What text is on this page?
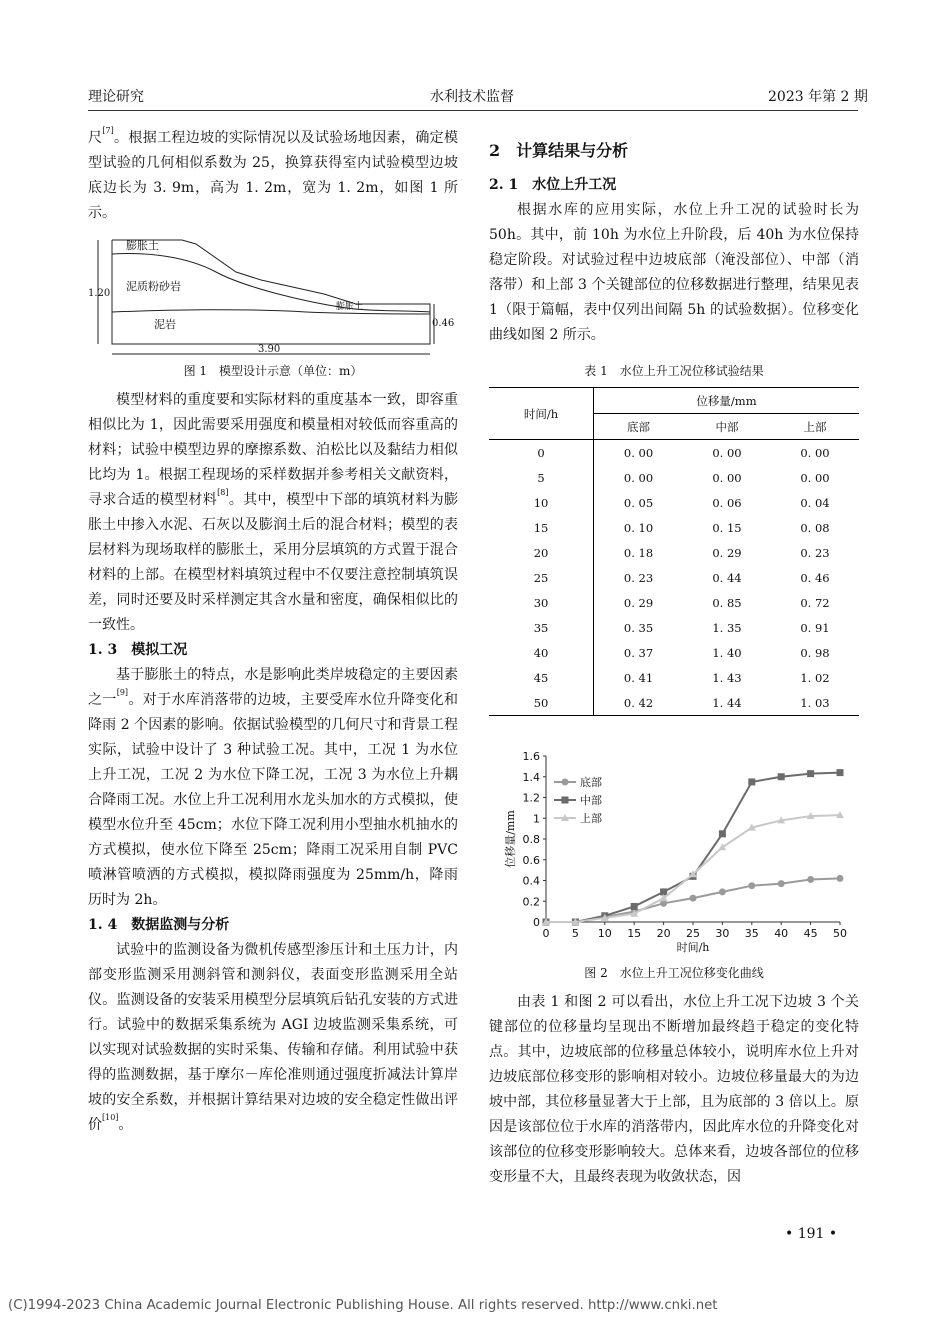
理论研究	水利技术监督	2023 年第 2 期

尺[7]。根据工程边坡的实际情况以及试验场地因素，确定模型试验的几何相似系数为 25，换算获得室内试验模型边坡底边长为 3. 9m，高为 1. 2m，宽为 1. 2m，如图 1 所示。

膨胀土
泥质粉砂岩
膨胀土
泥岩
1.20
0.46
3.90
图 1　模型设计示意（单位：m）

模型材料的重度要和实际材料的重度基本一致，即容重相似比为 1，因此需要采用强度和模量相对较低而容重高的材料；试验中模型边界的摩擦系数、泊松比以及黏结力相似比均为 1。根据工程现场的采样数据并参考相关文献资料，寻求合适的模型材料[8]。其中，模型中下部的填筑材料为膨胀土中掺入水泥、石灰以及膨润土后的混合材料；模型的表层材料为现场取样的膨胀土，采用分层填筑的方式置于混合材料的上部。在模型材料填筑过程中不仅要注意控制填筑误差，同时还要及时采样测定其含水量和密度，确保相似比的一致性。

1. 3　模拟工况

基于膨胀土的特点，水是影响此类岸坡稳定的主要因素之一[9]。对于水库消落带的边坡，主要受库水位升降变化和降雨 2 个因素的影响。依据试验模型的几何尺寸和背景工程实际，试验中设计了 3 种试验工况。其中，工况 1 为水位上升工况，工况 2 为水位下降工况，工况 3 为水位上升耦合降雨工况。水位上升工况利用水龙头加水的方式模拟，使模型水位升至 45cm；水位下降工况利用小型抽水机抽水的方式模拟，使水位下降至 25cm；降雨工况采用自制 PVC 喷淋管喷洒的方式模拟，模拟降雨强度为 25mm/h，降雨历时为 2h。

1. 4　数据监测与分析

试验中的监测设备为微机传感型渗压计和土压力计，内部变形监测采用测斜管和测斜仪，表面变形监测采用全站仪。监测设备的安装采用模型分层填筑后钻孔安装的方式进行。试验中的数据采集系统为 AGI 边坡监测采集系统，可以实现对试验数据的实时采集、传输和存储。利用试验中获得的监测数据，基于摩尔－库伦准则通过强度折减法计算岸坡的安全系数，并根据计算结果对边坡的安全稳定性做出评价[10]。

2　计算结果与分析

2. 1　水位上升工况

根据水库的应用实际，水位上升工况的试验时长为 50h。其中，前 10h 为水位上升阶段，后 40h 为水位保持稳定阶段。对试验过程中边坡底部（淹没部位）、中部（消落带）和上部 3 个关键部位的位移数据进行整理，结果见表 1（限于篇幅，表中仅列出间隔 5h 的试验数据）。位移变化曲线如图 2 所示。

表 1　水位上升工况位移试验结果
时间/h	位移量/mm		
	底部	中部	上部
0	0. 00	0. 00	0. 00
5	0. 00	0. 00	0. 00
10	0. 05	0. 06	0. 04
15	0. 10	0. 15	0. 08
20	0. 18	0. 29	0. 23
25	0. 23	0. 44	0. 46
30	0. 29	0. 85	0. 72
35	0. 35	1. 35	0. 91
40	0. 37	1. 40	0. 98
45	0. 41	1. 43	1. 02
50	0. 42	1. 44	1. 03
0
0.2
0.4
0.6
0.8
1
1.2
1.4
1.6
0 5 10 15 20 25 30 35 40 45 50
时间/h
位移量/mm
底部
中部
上部
图 2　水位上升工况位移变化曲线

由表 1 和图 2 可以看出，水位上升工况下边坡 3 个关键部位的位移量均呈现出不断增加最终趋于稳定的变化特点。其中，边坡底部的位移量总体较小，说明库水位上升对边坡底部位移变形的影响相对较小。边坡位移量最大的为边坡中部，其位移量显著大于上部，且为底部的 3 倍以上。原因是该部位位于水库的消落带内，因此库水位的升降变化对该部位的位移变形影响较大。总体来看，边坡各部位的位移变形量不大，且最终表现为收敛状态，因

• 191 •
(C)1994-2023 China Academic Journal Electronic Publishing House. All rights reserved. http://www.cnki.net
